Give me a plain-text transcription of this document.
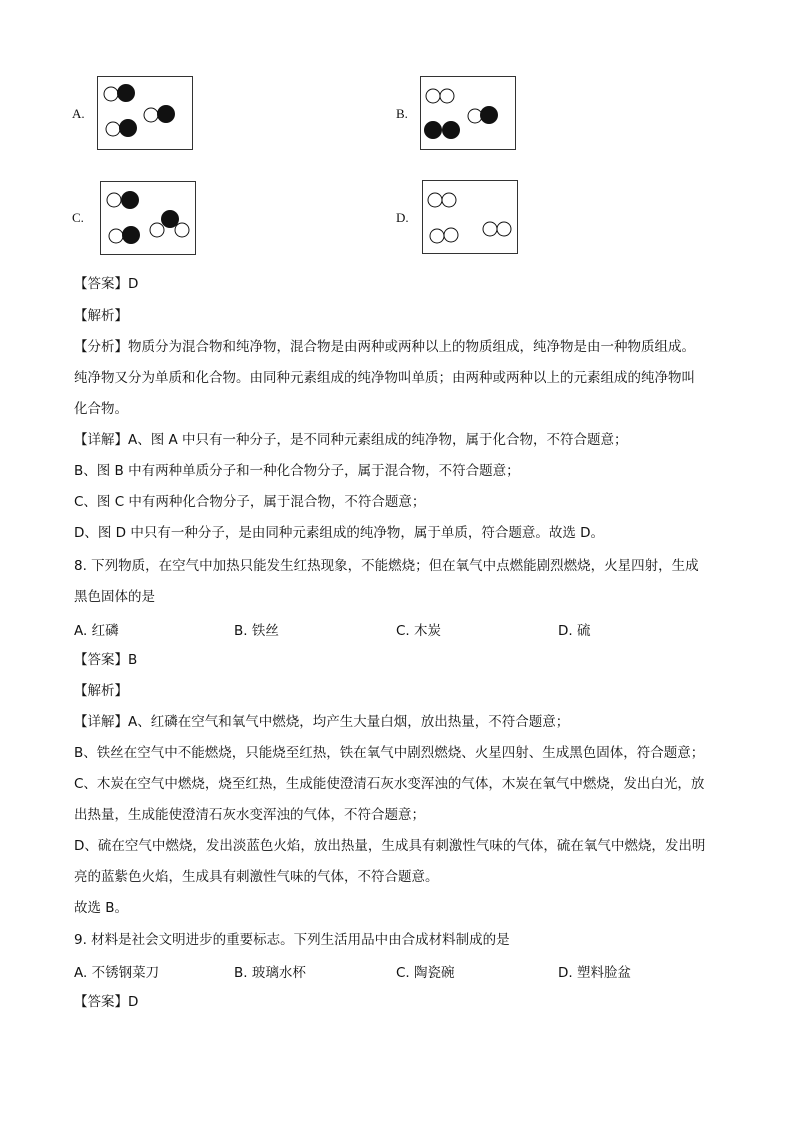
A.	B.
C.	D.
【答案】D
【解析】
【分析】物质分为混合物和纯净物，混合物是由两种或两种以上的物质组成，纯净物是由一种物质组成。
纯净物又分为单质和化合物。由同种元素组成的纯净物叫单质；由两种或两种以上的元素组成的纯净物叫
化合物。
【详解】A、图 A 中只有一种分子，是不同种元素组成的纯净物，属于化合物，不符合题意；
B、图 B 中有两种单质分子和一种化合物分子，属于混合物，不符合题意；
C、图 C 中有两种化合物分子，属于混合物，不符合题意；
D、图 D 中只有一种分子，是由同种元素组成的纯净物，属于单质，符合题意。故选 D。
8. 下列物质，在空气中加热只能发生红热现象，不能燃烧；但在氧气中点燃能剧烈燃烧，火星四射，生成
黑色固体的是
A. 红磷	B. 铁丝	C. 木炭	D. 硫
【答案】B
【解析】
【详解】A、红磷在空气和氧气中燃烧，均产生大量白烟，放出热量，不符合题意；
B、铁丝在空气中不能燃烧，只能烧至红热，铁在氧气中剧烈燃烧、火星四射、生成黑色固体，符合题意；
C、木炭在空气中燃烧，烧至红热，生成能使澄清石灰水变浑浊的气体，木炭在氧气中燃烧，发出白光，放
出热量，生成能使澄清石灰水变浑浊的气体，不符合题意；
D、硫在空气中燃烧，发出淡蓝色火焰，放出热量，生成具有刺激性气味的气体，硫在氧气中燃烧，发出明
亮的蓝紫色火焰，生成具有刺激性气味的气体，不符合题意。
故选 B。
9. 材料是社会文明进步的重要标志。下列生活用品中由合成材料制成的是
A. 不锈钢菜刀	B. 玻璃水杯	C. 陶瓷碗	D. 塑料脸盆
【答案】D
